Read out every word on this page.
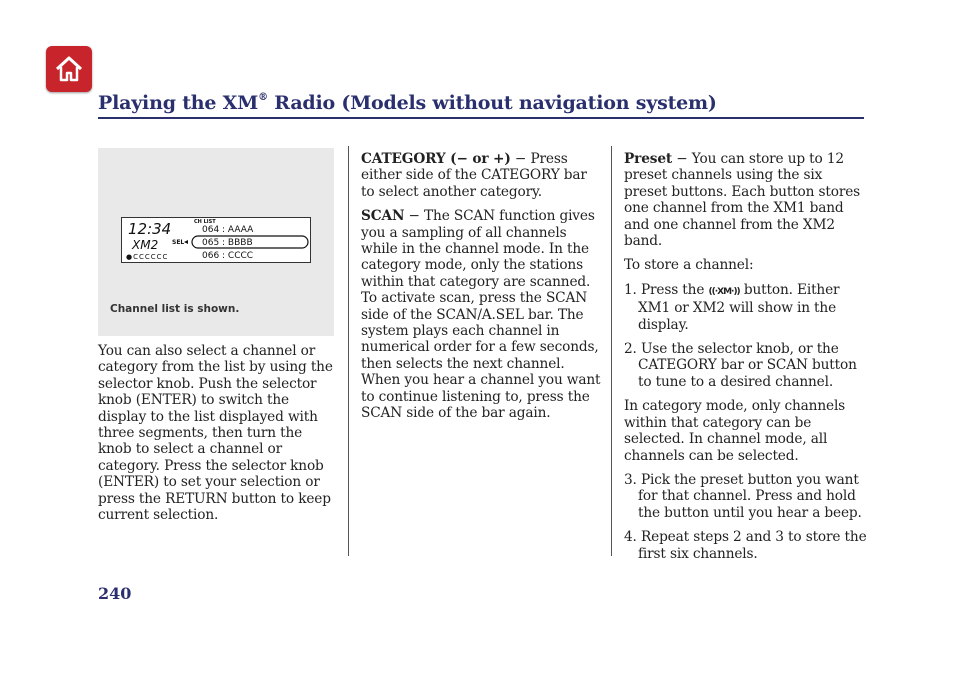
Playing the XM® Radio (Models without navigation system)
12:34
XM2
●CCCCCC
CH LIST
SEL
064 : AAAA
065 : BBBB
066 : CCCC
Channel list is shown.

You can also select a channel or category from the list by using the selector knob. Push the selector knob (ENTER) to switch the display to the list displayed with three segments, then turn the knob to select a channel or category. Press the selector knob (ENTER) to set your selection or press the RETURN button to keep current selection.

CATEGORY (− or +) − Press either side of the CATEGORY bar to select another category.

SCAN − The SCAN function gives you a sampling of all channels while in the channel mode. In the category mode, only the stations within that category are scanned. To activate scan, press the SCAN side of the SCAN/A.SEL bar. The system plays each channel in numerical order for a few seconds, then selects the next channel. When you hear a channel you want to continue listening to, press the SCAN side of the bar again.

Preset − You can store up to 12 preset channels using the six preset buttons. Each button stores one channel from the XM1 band and one channel from the XM2 band.

To store a channel:

1. Press the ((·XM·)) button. Either XM1 or XM2 will show in the display.

2. Use the selector knob, or the CATEGORY bar or SCAN button to tune to a desired channel.

In category mode, only channels within that category can be selected. In channel mode, all channels can be selected.

3. Pick the preset button you want for that channel. Press and hold the button until you hear a beep.

4. Repeat steps 2 and 3 to store the first six channels.

240
